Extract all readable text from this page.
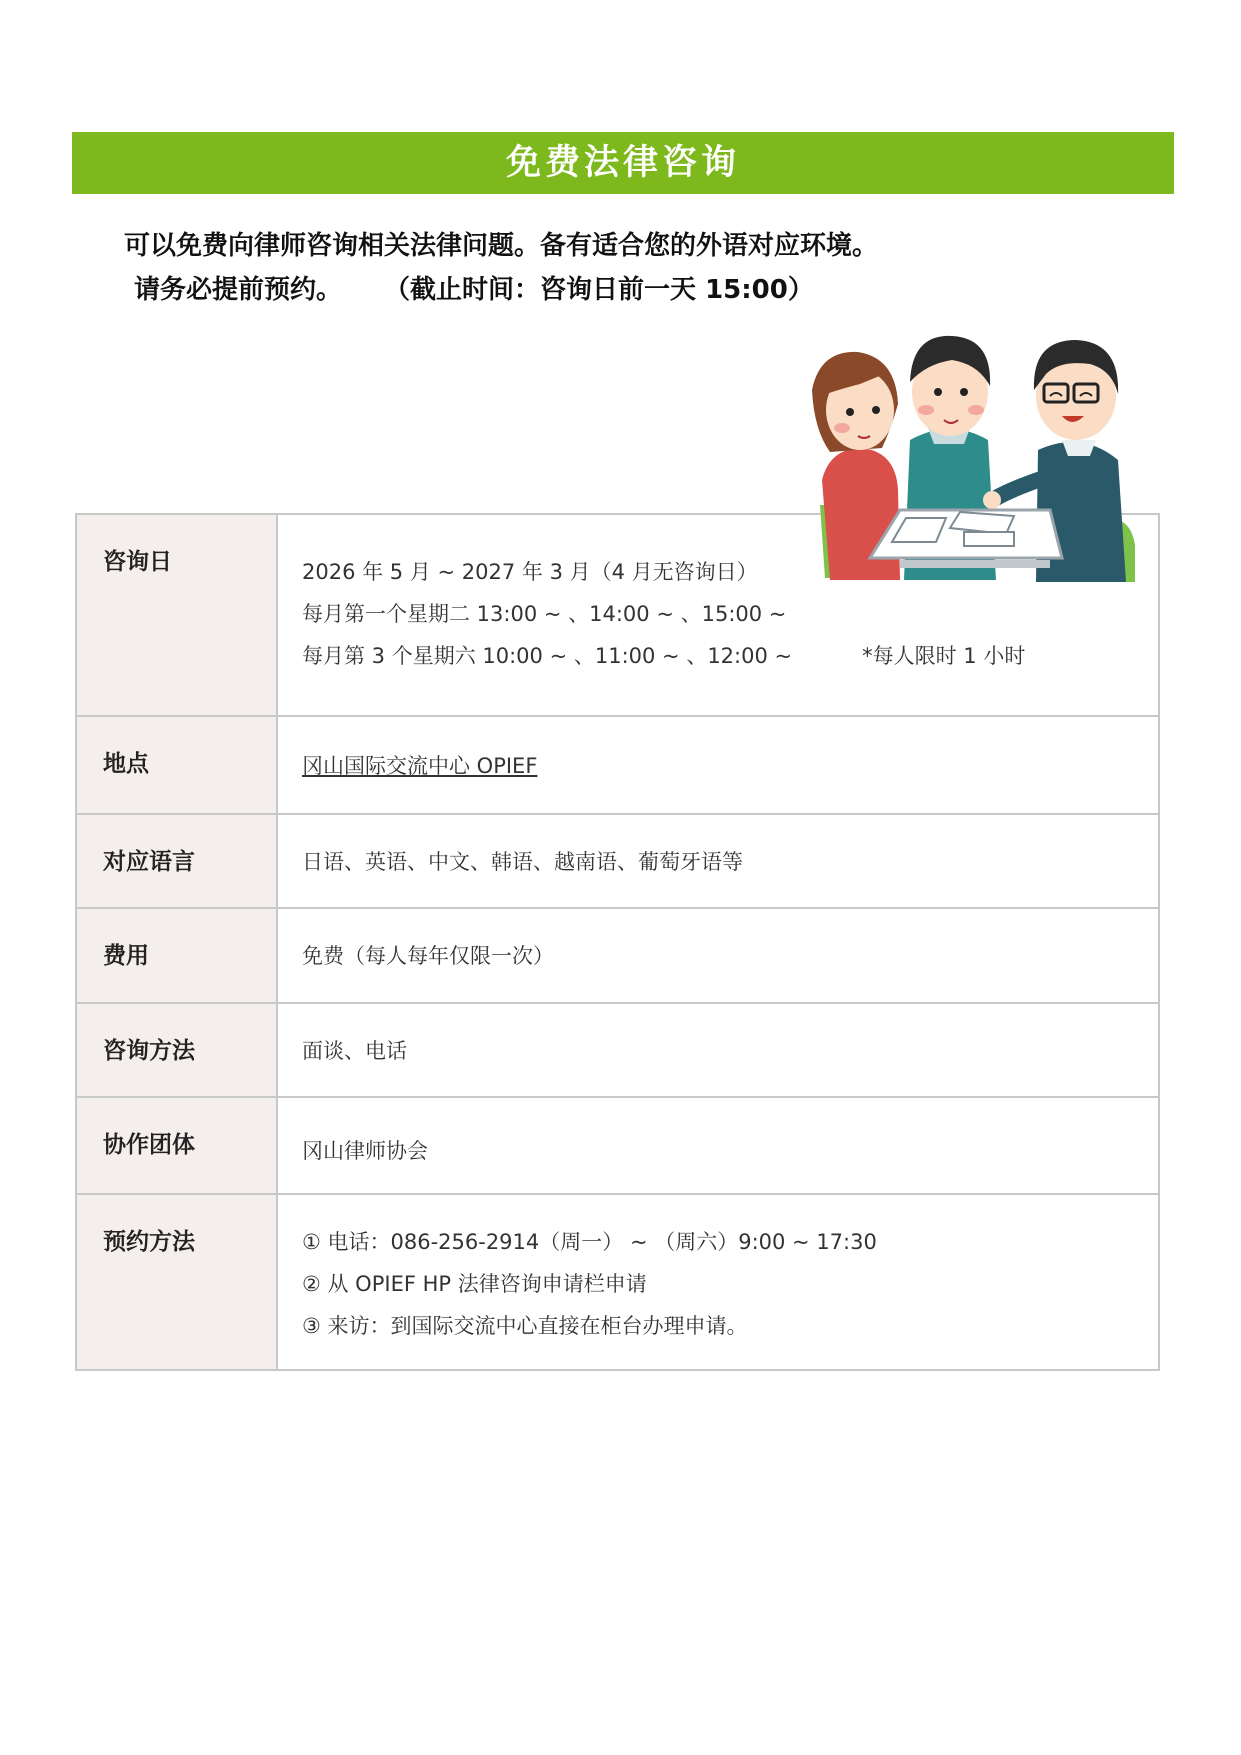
免费法律咨询
可以免费向律师咨询相关法律问题。备有适合您的外语对应环境。
请务必提前预约。 （截止时间：咨询日前一天 15:00）
咨询日	2026 年 5 月 ~ 2027 年 3 月（4 月无咨询日）
每月第一个星期二 13:00 ~ 、14:00 ~ 、15:00 ~
每月第 3 个星期六 10:00 ~ 、11:00 ~ 、12:00 ~ *每人限时 1 小时

地点	冈山国际交流中心 OPIEF

对应语言	日语、英语、中文、韩语、越南语、葡萄牙语等

费用	免费（每人每年仅限一次）

咨询方法	面谈、电话

协作团体	冈山律师协会

预约方法	① 电话：086-256-2914（周一） ~ （周六）9:00 ~ 17:30
② 从 OPIEF HP 法律咨询申请栏申请
③ 来访：到国际交流中心直接在柜台办理申请。
